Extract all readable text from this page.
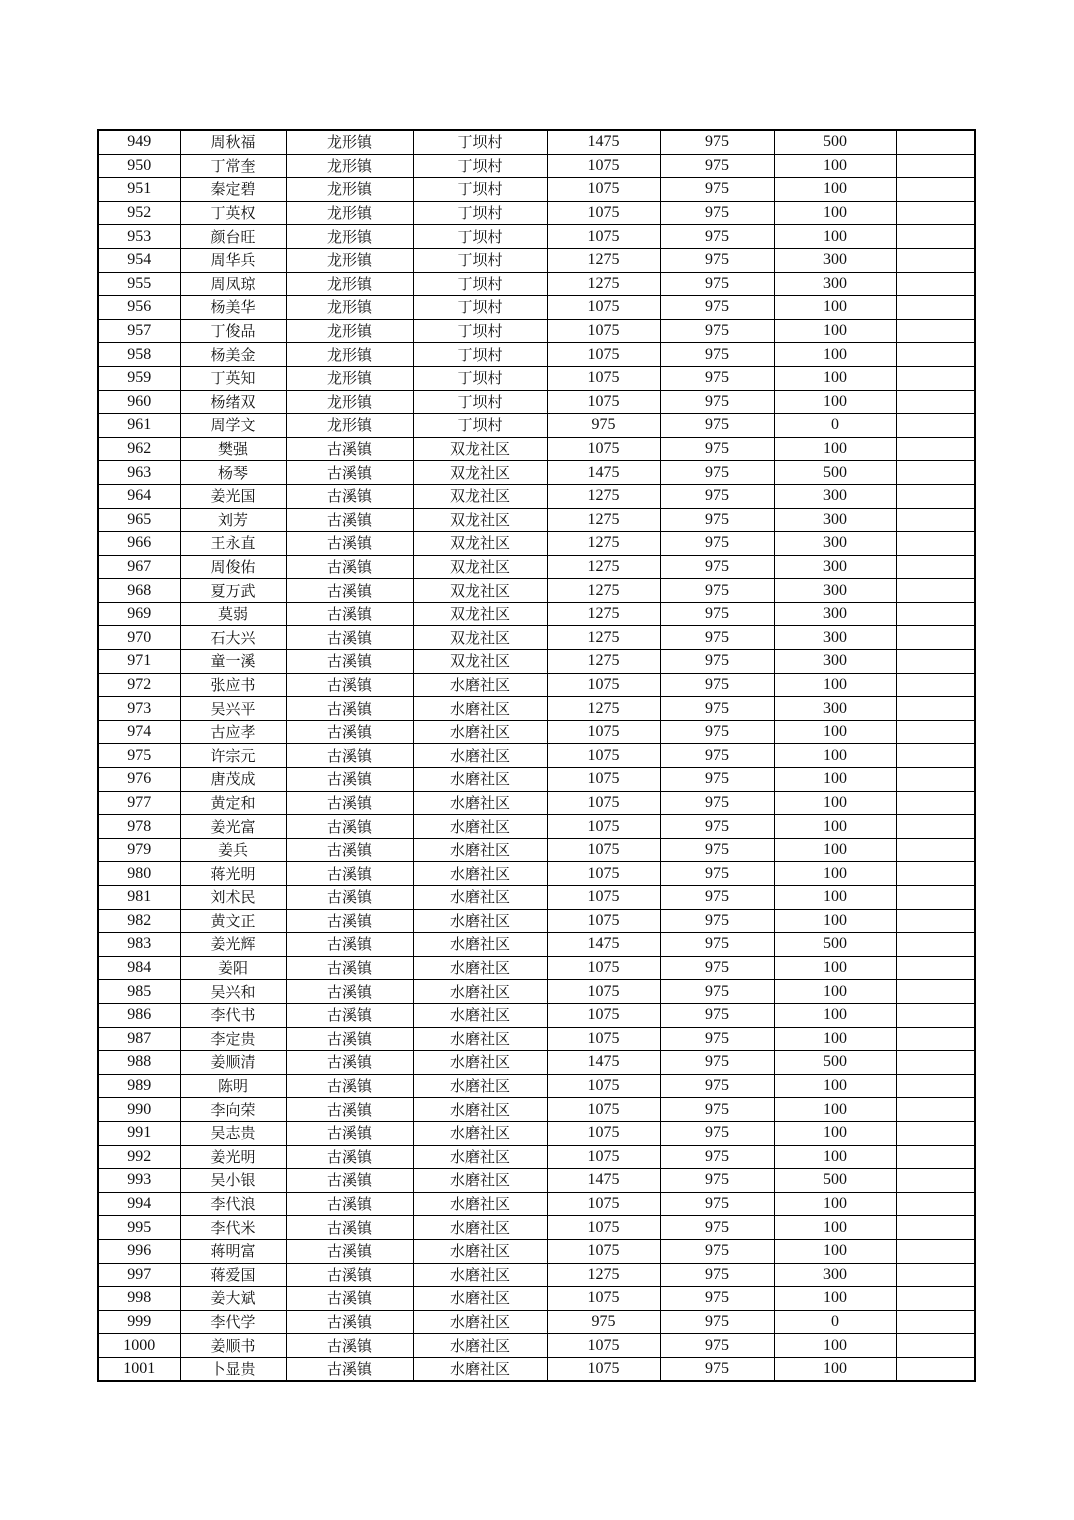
949	周秋福	龙形镇	丁坝村	1475	975	500	
950	丁常奎	龙形镇	丁坝村	1075	975	100	
951	秦定碧	龙形镇	丁坝村	1075	975	100	
952	丁英权	龙形镇	丁坝村	1075	975	100	
953	颜台旺	龙形镇	丁坝村	1075	975	100	
954	周华兵	龙形镇	丁坝村	1275	975	300	
955	周凤琼	龙形镇	丁坝村	1275	975	300	
956	杨美华	龙形镇	丁坝村	1075	975	100	
957	丁俊品	龙形镇	丁坝村	1075	975	100	
958	杨美金	龙形镇	丁坝村	1075	975	100	
959	丁英知	龙形镇	丁坝村	1075	975	100	
960	杨绪双	龙形镇	丁坝村	1075	975	100	
961	周学文	龙形镇	丁坝村	975	975	0	
962	樊强	古溪镇	双龙社区	1075	975	100	
963	杨琴	古溪镇	双龙社区	1475	975	500	
964	姜光国	古溪镇	双龙社区	1275	975	300	
965	刘芳	古溪镇	双龙社区	1275	975	300	
966	王永直	古溪镇	双龙社区	1275	975	300	
967	周俊佑	古溪镇	双龙社区	1275	975	300	
968	夏万武	古溪镇	双龙社区	1275	975	300	
969	莫弱	古溪镇	双龙社区	1275	975	300	
970	石大兴	古溪镇	双龙社区	1275	975	300	
971	童一溪	古溪镇	双龙社区	1275	975	300	
972	张应书	古溪镇	水磨社区	1075	975	100	
973	吴兴平	古溪镇	水磨社区	1275	975	300	
974	古应孝	古溪镇	水磨社区	1075	975	100	
975	许宗元	古溪镇	水磨社区	1075	975	100	
976	唐茂成	古溪镇	水磨社区	1075	975	100	
977	黄定和	古溪镇	水磨社区	1075	975	100	
978	姜光富	古溪镇	水磨社区	1075	975	100	
979	姜兵	古溪镇	水磨社区	1075	975	100	
980	蒋光明	古溪镇	水磨社区	1075	975	100	
981	刘术民	古溪镇	水磨社区	1075	975	100	
982	黄文正	古溪镇	水磨社区	1075	975	100	
983	姜光辉	古溪镇	水磨社区	1475	975	500	
984	姜阳	古溪镇	水磨社区	1075	975	100	
985	吴兴和	古溪镇	水磨社区	1075	975	100	
986	李代书	古溪镇	水磨社区	1075	975	100	
987	李定贵	古溪镇	水磨社区	1075	975	100	
988	姜顺清	古溪镇	水磨社区	1475	975	500	
989	陈明	古溪镇	水磨社区	1075	975	100	
990	李向荣	古溪镇	水磨社区	1075	975	100	
991	吴志贵	古溪镇	水磨社区	1075	975	100	
992	姜光明	古溪镇	水磨社区	1075	975	100	
993	吴小银	古溪镇	水磨社区	1475	975	500	
994	李代浪	古溪镇	水磨社区	1075	975	100	
995	李代米	古溪镇	水磨社区	1075	975	100	
996	蒋明富	古溪镇	水磨社区	1075	975	100	
997	蒋爱国	古溪镇	水磨社区	1275	975	300	
998	姜大斌	古溪镇	水磨社区	1075	975	100	
999	李代学	古溪镇	水磨社区	975	975	0	
1000	姜顺书	古溪镇	水磨社区	1075	975	100	
1001	卜显贵	古溪镇	水磨社区	1075	975	100	
